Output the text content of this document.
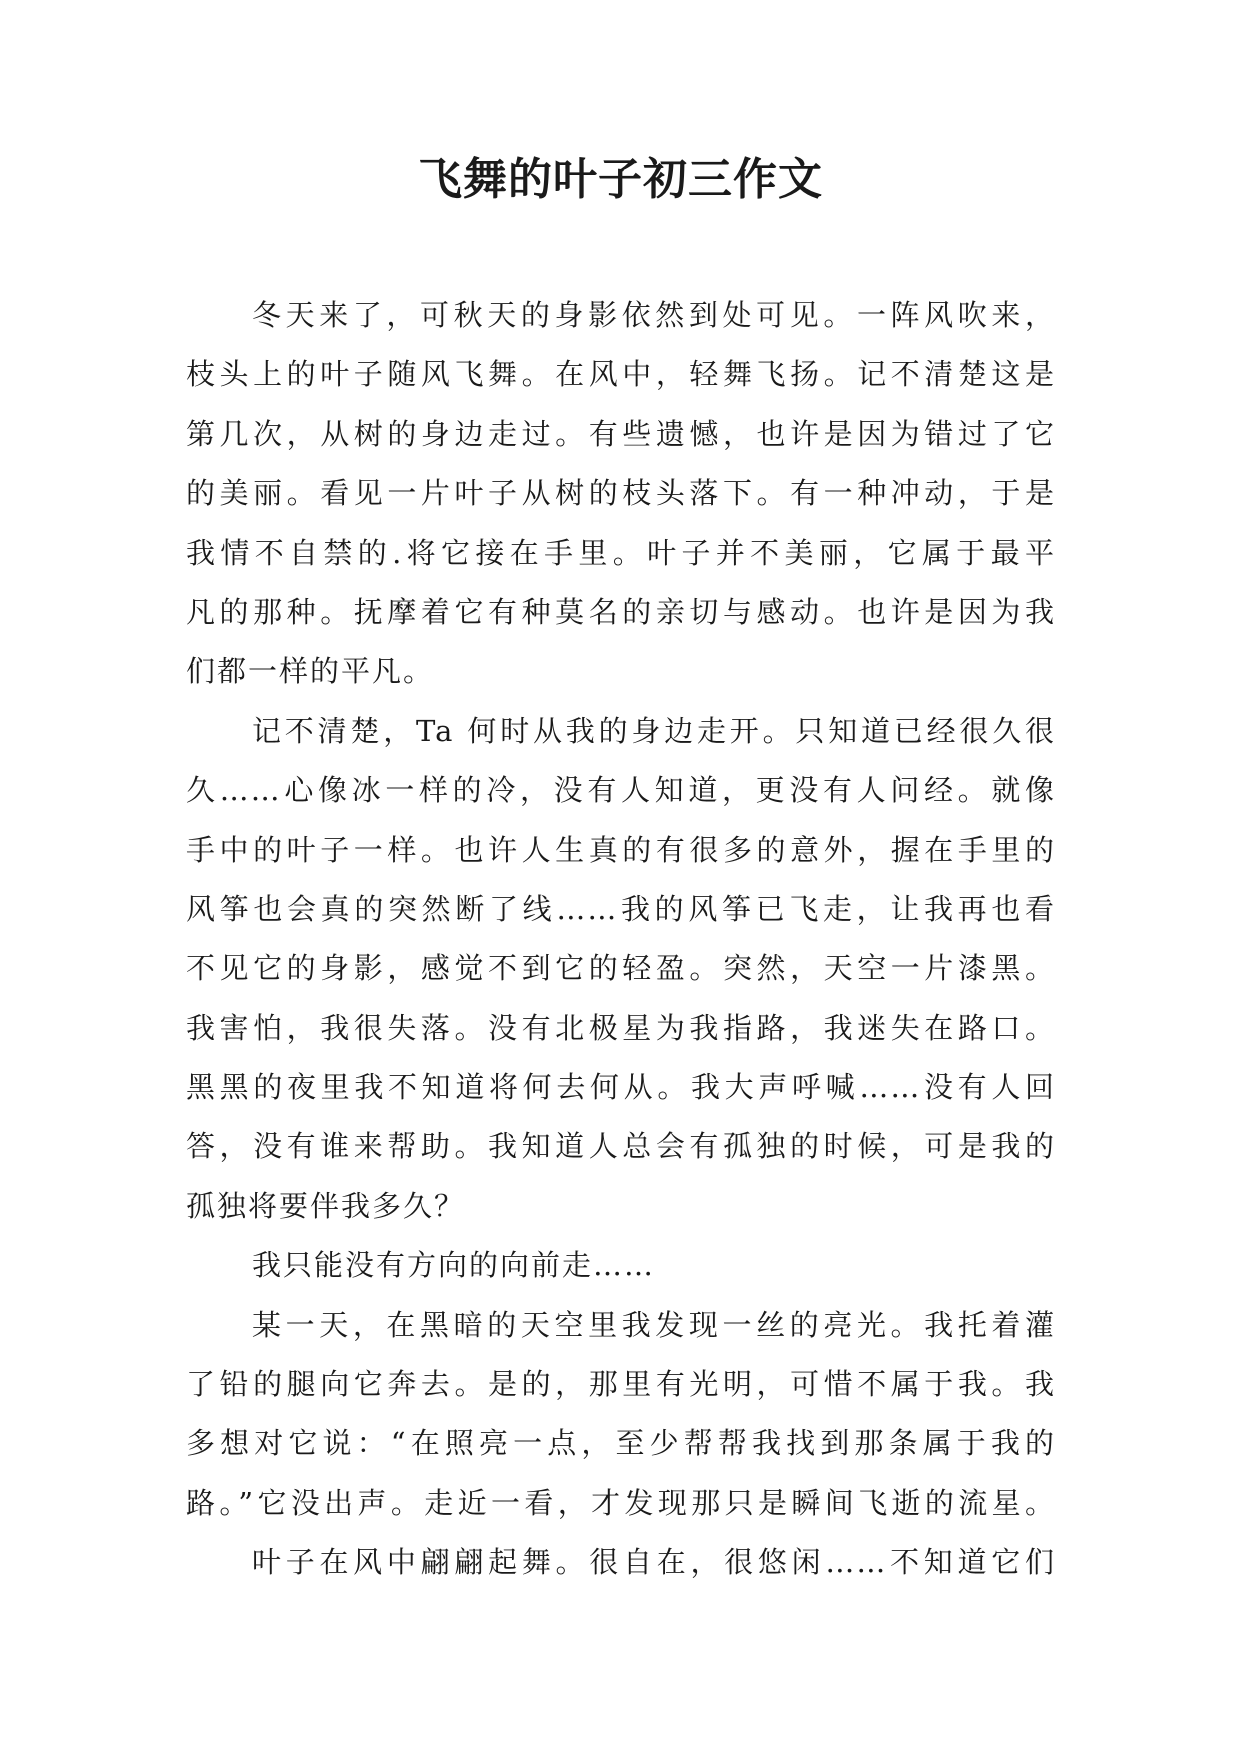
飞舞的叶子初三作文
冬天来了，可秋天的身影依然到处可见。一阵风吹来，
枝头上的叶子随风飞舞。在风中，轻舞飞扬。记不清楚这是
第几次，从树的身边走过。有些遗憾，也许是因为错过了它
的美丽。看见一片叶子从树的枝头落下。有一种冲动，于是
我情不自禁的.将它接在手里。叶子并不美丽，它属于最平
凡的那种。抚摩着它有种莫名的亲切与感动。也许是因为我
们都一样的平凡。
记不清楚，Ta 何时从我的身边走开。只知道已经很久很
久……心像冰一样的冷，没有人知道，更没有人问经。就像
手中的叶子一样。也许人生真的有很多的意外，握在手里的
风筝也会真的突然断了线……我的风筝已飞走，让我再也看
不见它的身影，感觉不到它的轻盈。突然，天空一片漆黑。
我害怕，我很失落。没有北极星为我指路，我迷失在路口。
黑黑的夜里我不知道将何去何从。我大声呼喊……没有人回
答，没有谁来帮助。我知道人总会有孤独的时候，可是我的
孤独将要伴我多久？
我只能没有方向的向前走……
某一天，在黑暗的天空里我发现一丝的亮光。我托着灌
了铅的腿向它奔去。是的，那里有光明，可惜不属于我。我
多想对它说：“在照亮一点，至少帮帮我找到那条属于我的
路。”它没出声。走近一看，才发现那只是瞬间飞逝的流星。
叶子在风中翩翩起舞。很自在，很悠闲……不知道它们
